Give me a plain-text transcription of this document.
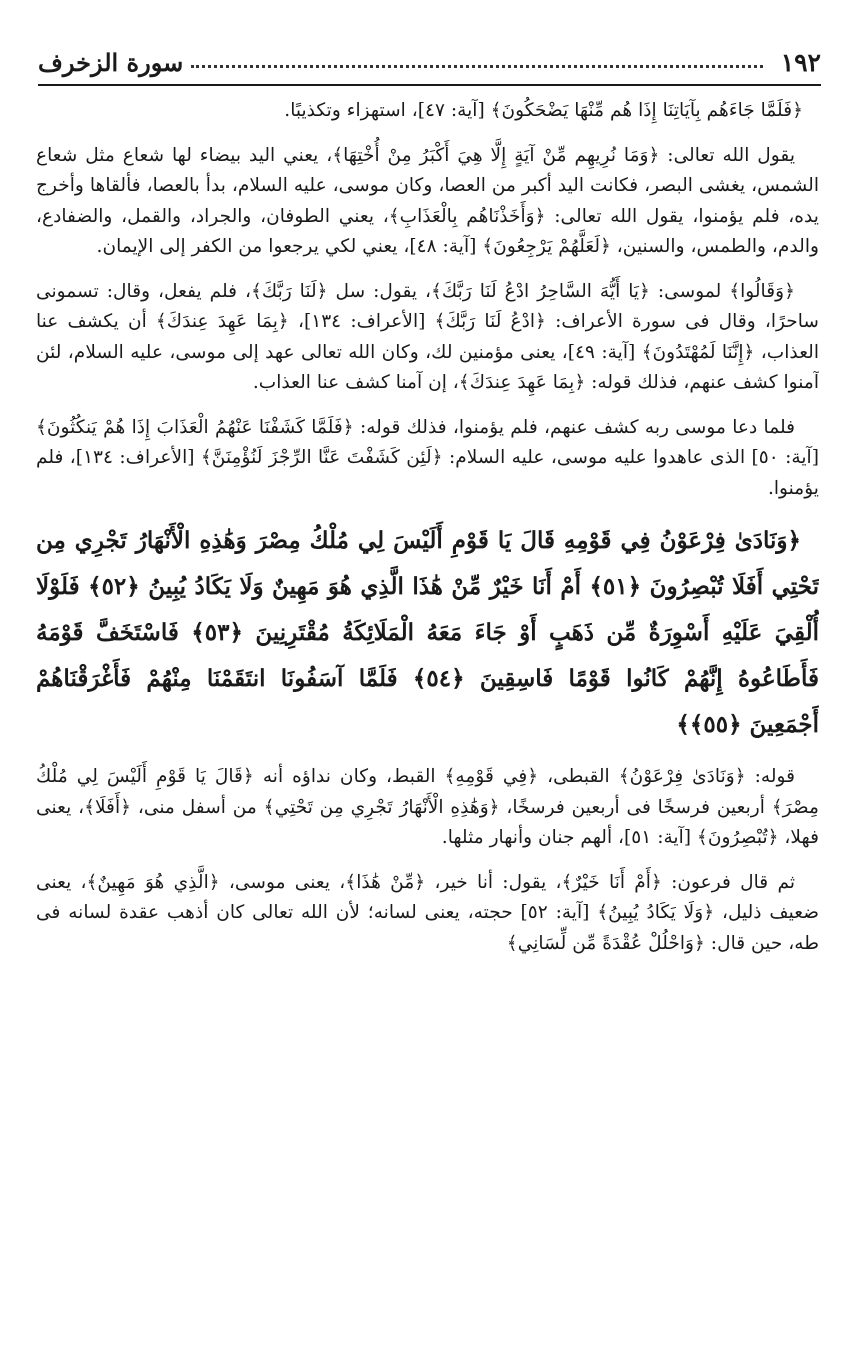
١٩٢
سورة الزخرف

﴿فَلَمَّا جَاءَهُم بِآيَاتِنَا إِذَا هُم مِّنْهَا يَضْحَكُونَ﴾ [آية: ٤٧]، استهزاء وتكذيبًا.

يقول الله تعالى: ﴿وَمَا نُرِيهِم مِّنْ آيَةٍ إِلَّا هِيَ أَكْبَرُ مِنْ أُخْتِهَا﴾، يعني اليد بيضاء لها شعاع مثل شعاع الشمس، يغشى البصر، فكانت اليد أكبر من العصا، وكان موسى، عليه السلام، بدأ بالعصا، فألقاها وأخرج يده، فلم يؤمنوا، يقول الله تعالى: ﴿وَأَخَذْنَاهُم بِالْعَذَابِ﴾، يعني الطوفان، والجراد، والقمل، والضفادع، والدم، والطمس، والسنين، ﴿لَعَلَّهُمْ يَرْجِعُونَ﴾ [آية: ٤٨]، يعني لكي يرجعوا من الكفر إلى الإيمان.

﴿وَقَالُوا﴾ لموسى: ﴿يَا أَيُّهَ السَّاحِرُ ادْعُ لَنَا رَبَّكَ﴾، يقول: سل ﴿لَنَا رَبَّكَ﴾، فلم يفعل، وقال: تسمونى ساحرًا، وقال فى سورة الأعراف: ﴿ادْعُ لَنَا رَبَّكَ﴾ [الأعراف: ١٣٤]، ﴿بِمَا عَهِدَ عِندَكَ﴾ أن يكشف عنا العذاب، ﴿إِنَّنَا لَمُهْتَدُونَ﴾ [آية: ٤٩]، يعنى مؤمنين لك، وكان الله تعالى عهد إلى موسى، عليه السلام، لئن آمنوا كشف عنهم، فذلك قوله: ﴿بِمَا عَهِدَ عِندَكَ﴾، إن آمنا كشف عنا العذاب.

فلما دعا موسى ربه كشف عنهم، فلم يؤمنوا، فذلك قوله: ﴿فَلَمَّا كَشَفْنَا عَنْهُمُ الْعَذَابَ إِذَا هُمْ يَنكُثُونَ﴾ [آية: ٥٠] الذى عاهدوا عليه موسى، عليه السلام: ﴿لَئِن كَشَفْتَ عَنَّا الرِّجْزَ لَنُؤْمِنَنَّ﴾ [الأعراف: ١٣٤]، فلم يؤمنوا.

﴿وَنَادَىٰ فِرْعَوْنُ فِي قَوْمِهِ قَالَ يَا قَوْمِ أَلَيْسَ لِي مُلْكُ مِصْرَ وَهَٰذِهِ الْأَنْهَارُ تَجْرِي مِن تَحْتِي أَفَلَا تُبْصِرُونَ ﴿٥١﴾ أَمْ أَنَا خَيْرٌ مِّنْ هَٰذَا الَّذِي هُوَ مَهِينٌ وَلَا يَكَادُ يُبِينُ ﴿٥٢﴾ فَلَوْلَا أُلْقِيَ عَلَيْهِ أَسْوِرَةٌ مِّن ذَهَبٍ أَوْ جَاءَ مَعَهُ الْمَلَائِكَةُ مُقْتَرِنِينَ ﴿٥٣﴾ فَاسْتَخَفَّ قَوْمَهُ فَأَطَاعُوهُ إِنَّهُمْ كَانُوا قَوْمًا فَاسِقِينَ ﴿٥٤﴾ فَلَمَّا آسَفُونَا انتَقَمْنَا مِنْهُمْ فَأَغْرَقْنَاهُمْ أَجْمَعِينَ ﴿٥٥﴾﴾

قوله: ﴿وَنَادَىٰ فِرْعَوْنُ﴾ القبطى، ﴿فِي قَوْمِهِ﴾ القبط، وكان نداؤه أنه ﴿قَالَ يَا قَوْمِ أَلَيْسَ لِي مُلْكُ مِصْرَ﴾ أربعين فرسخًا فى أربعين فرسخًا، ﴿وَهَٰذِهِ الْأَنْهَارُ تَجْرِي مِن تَحْتِي﴾ من أسفل منى، ﴿أَفَلَا﴾، يعنى فهلا، ﴿تُبْصِرُونَ﴾ [آية: ٥١]، ألهم جنان وأنهار مثلها.

ثم قال فرعون: ﴿أَمْ أَنَا خَيْرٌ﴾، يقول: أنا خير، ﴿مِّنْ هَٰذَا﴾، يعنى موسى، ﴿الَّذِي هُوَ مَهِينٌ﴾، يعنى ضعيف ذليل، ﴿وَلَا يَكَادُ يُبِينُ﴾ [آية: ٥٢] حجته، يعنى لسانه؛ لأن الله تعالى كان أذهب عقدة لسانه فى طه، حين قال: ﴿وَاحْلُلْ عُقْدَةً مِّن لِّسَانِي﴾
